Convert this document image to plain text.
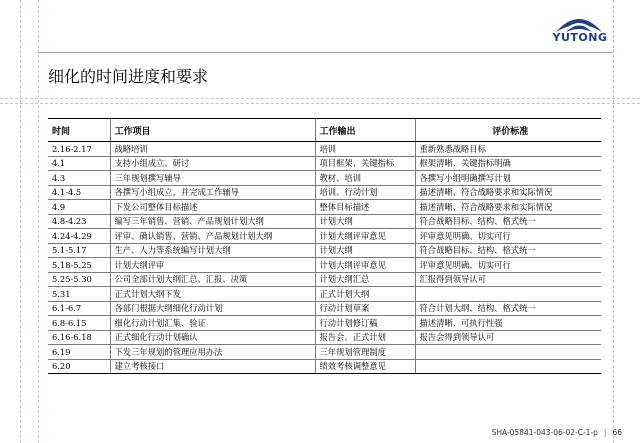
YUTONG
细化的时间进度和要求
时间	工作项目	工作输出	评价标准
2.16-2.17	战略培训	培训	重新熟悉战略目标
4.1	支持小组成立、研讨	项目框架、关键指标	框架清晰、关键指标明确
4.3	三年规划撰写辅导	教材、培训	各撰写小组明确撰写计划
4.1-4.5	各撰写小组成立，并完成工作辅导	培训、行动计划	描述清晰、符合战略要求和实际情况
4.9	下发公司整体目标描述	整体目标描述	描述清晰、符合战略要求和实际情况
4.8-4.23	编写三年销售、营销、产品规划计划大纲	计划大纲	符合战略目标、结构、格式统一
4.24-4.29	评审、确认销售、营销、产品规划计划大纲	计划大纲评审意见	评审意见明确、切实可行
5.1-5.17	生产、人力等系统编写计划大纲	计划大纲	符合战略目标、结构、格式统一
5.18-5.25	计划大纲评审	计划大纲评审意见	评审意见明确、切实可行
5.25-5.30	公司全部计划大纲汇总、汇报、决策	计划大纲汇总	汇报得到领导认可
5.31	正式计划大纲下发	正式计划大纲	
6.1-6.7	各部门根据大纲细化行动计划	行动计划草案	符合计划大纲、结构、格式统一
6.8-6.15	细化行动计划汇集、验证	行动计划修订稿	描述清晰、可执行性强
6.16-6.18	正式细化行动计划确认	报告会、正式计划	报告会得到领导认可
6.19	下发三年规划的管理应用办法	三年规划管理制度	
6.20	建立考核接口	绩效考核调整意见	
SHA-05841-043-06-02-C-1-p | 66
